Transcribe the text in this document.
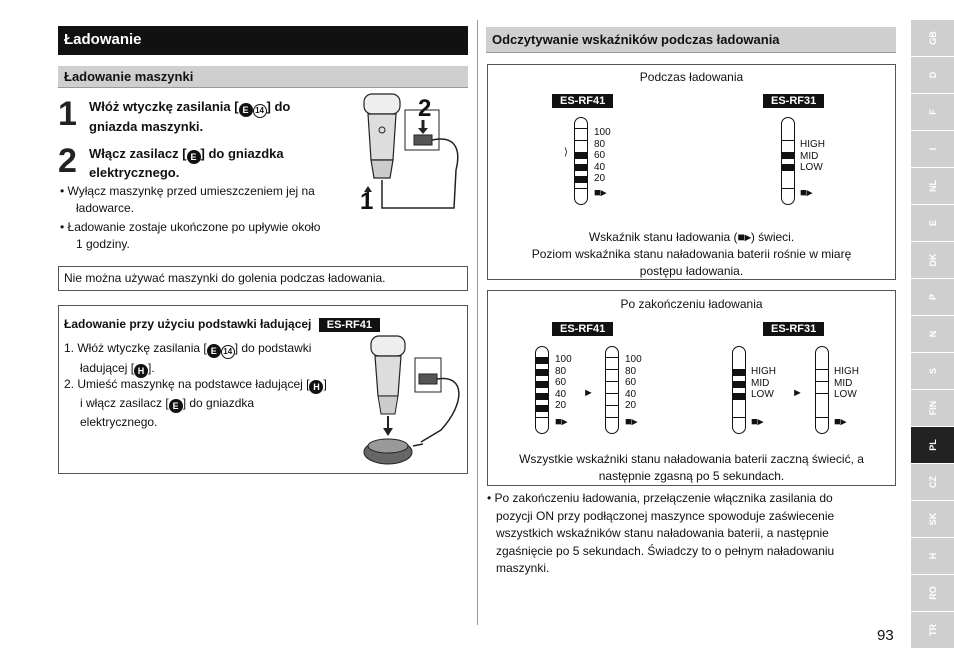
Ładowanie
Ładowanie maszynki
1 Włóż wtyczkę zasilania [ E 14 ] do
gniazda maszynki.
2 Włącz zasilacz [ E ] do gniazdka
elektrycznego.
• Wyłącz maszynkę przed umieszczeniem jej na
ładowarce.
• Ładowanie zostaje ukończone po upływie około
1 godziny.
2
1
Nie można używać maszynki do golenia podczas ładowania.
Ładowanie przy użyciu podstawki ładującej ES-RF41
1. Włóż wtyczkę zasilania [ E 14 ] do podstawki
ładującej [ H ].
2. Umieść maszynkę na podstawce ładującej [ H ]
i włącz zasilacz [ E ] do gniazdka
elektrycznego.
Odczytywanie wskaźników podczas ładowania
Podczas ładowania
ES-RF41	ES-RF31
⟩
100
80
60
40
20
■▸
HIGH
MID
LOW
■▸
Wskaźnik stanu ładowania (■▸) świeci.
Poziom wskaźnika stanu naładowania baterii rośnie w miarę
postępu ładowania.
Po zakończeniu ładowania
ES-RF41	ES-RF31
100
80
60
40
20
■▸
►
100
80
60
40
20
■▸
HIGH
MID
LOW
■▸
►
HIGH
MID
LOW
■▸
Wszystkie wskaźniki stanu naładowania baterii zaczną świecić, a
następnie zgasną po 5 sekundach.
• Po zakończeniu ładowania, przełączenie włącznika zasilania do
pozycji ON przy podłączonej maszynce spowoduje zaświecenie
wszystkich wskaźników stanu naładowania baterii, a następnie
zgaśnięcie po 5 sekundach. Świadczy to o pełnym naładowaniu
maszynki.
93
GB
D
F
I
NL
E
DK
P
N
S
FIN
PL
CZ
SK
H
RO
TR
